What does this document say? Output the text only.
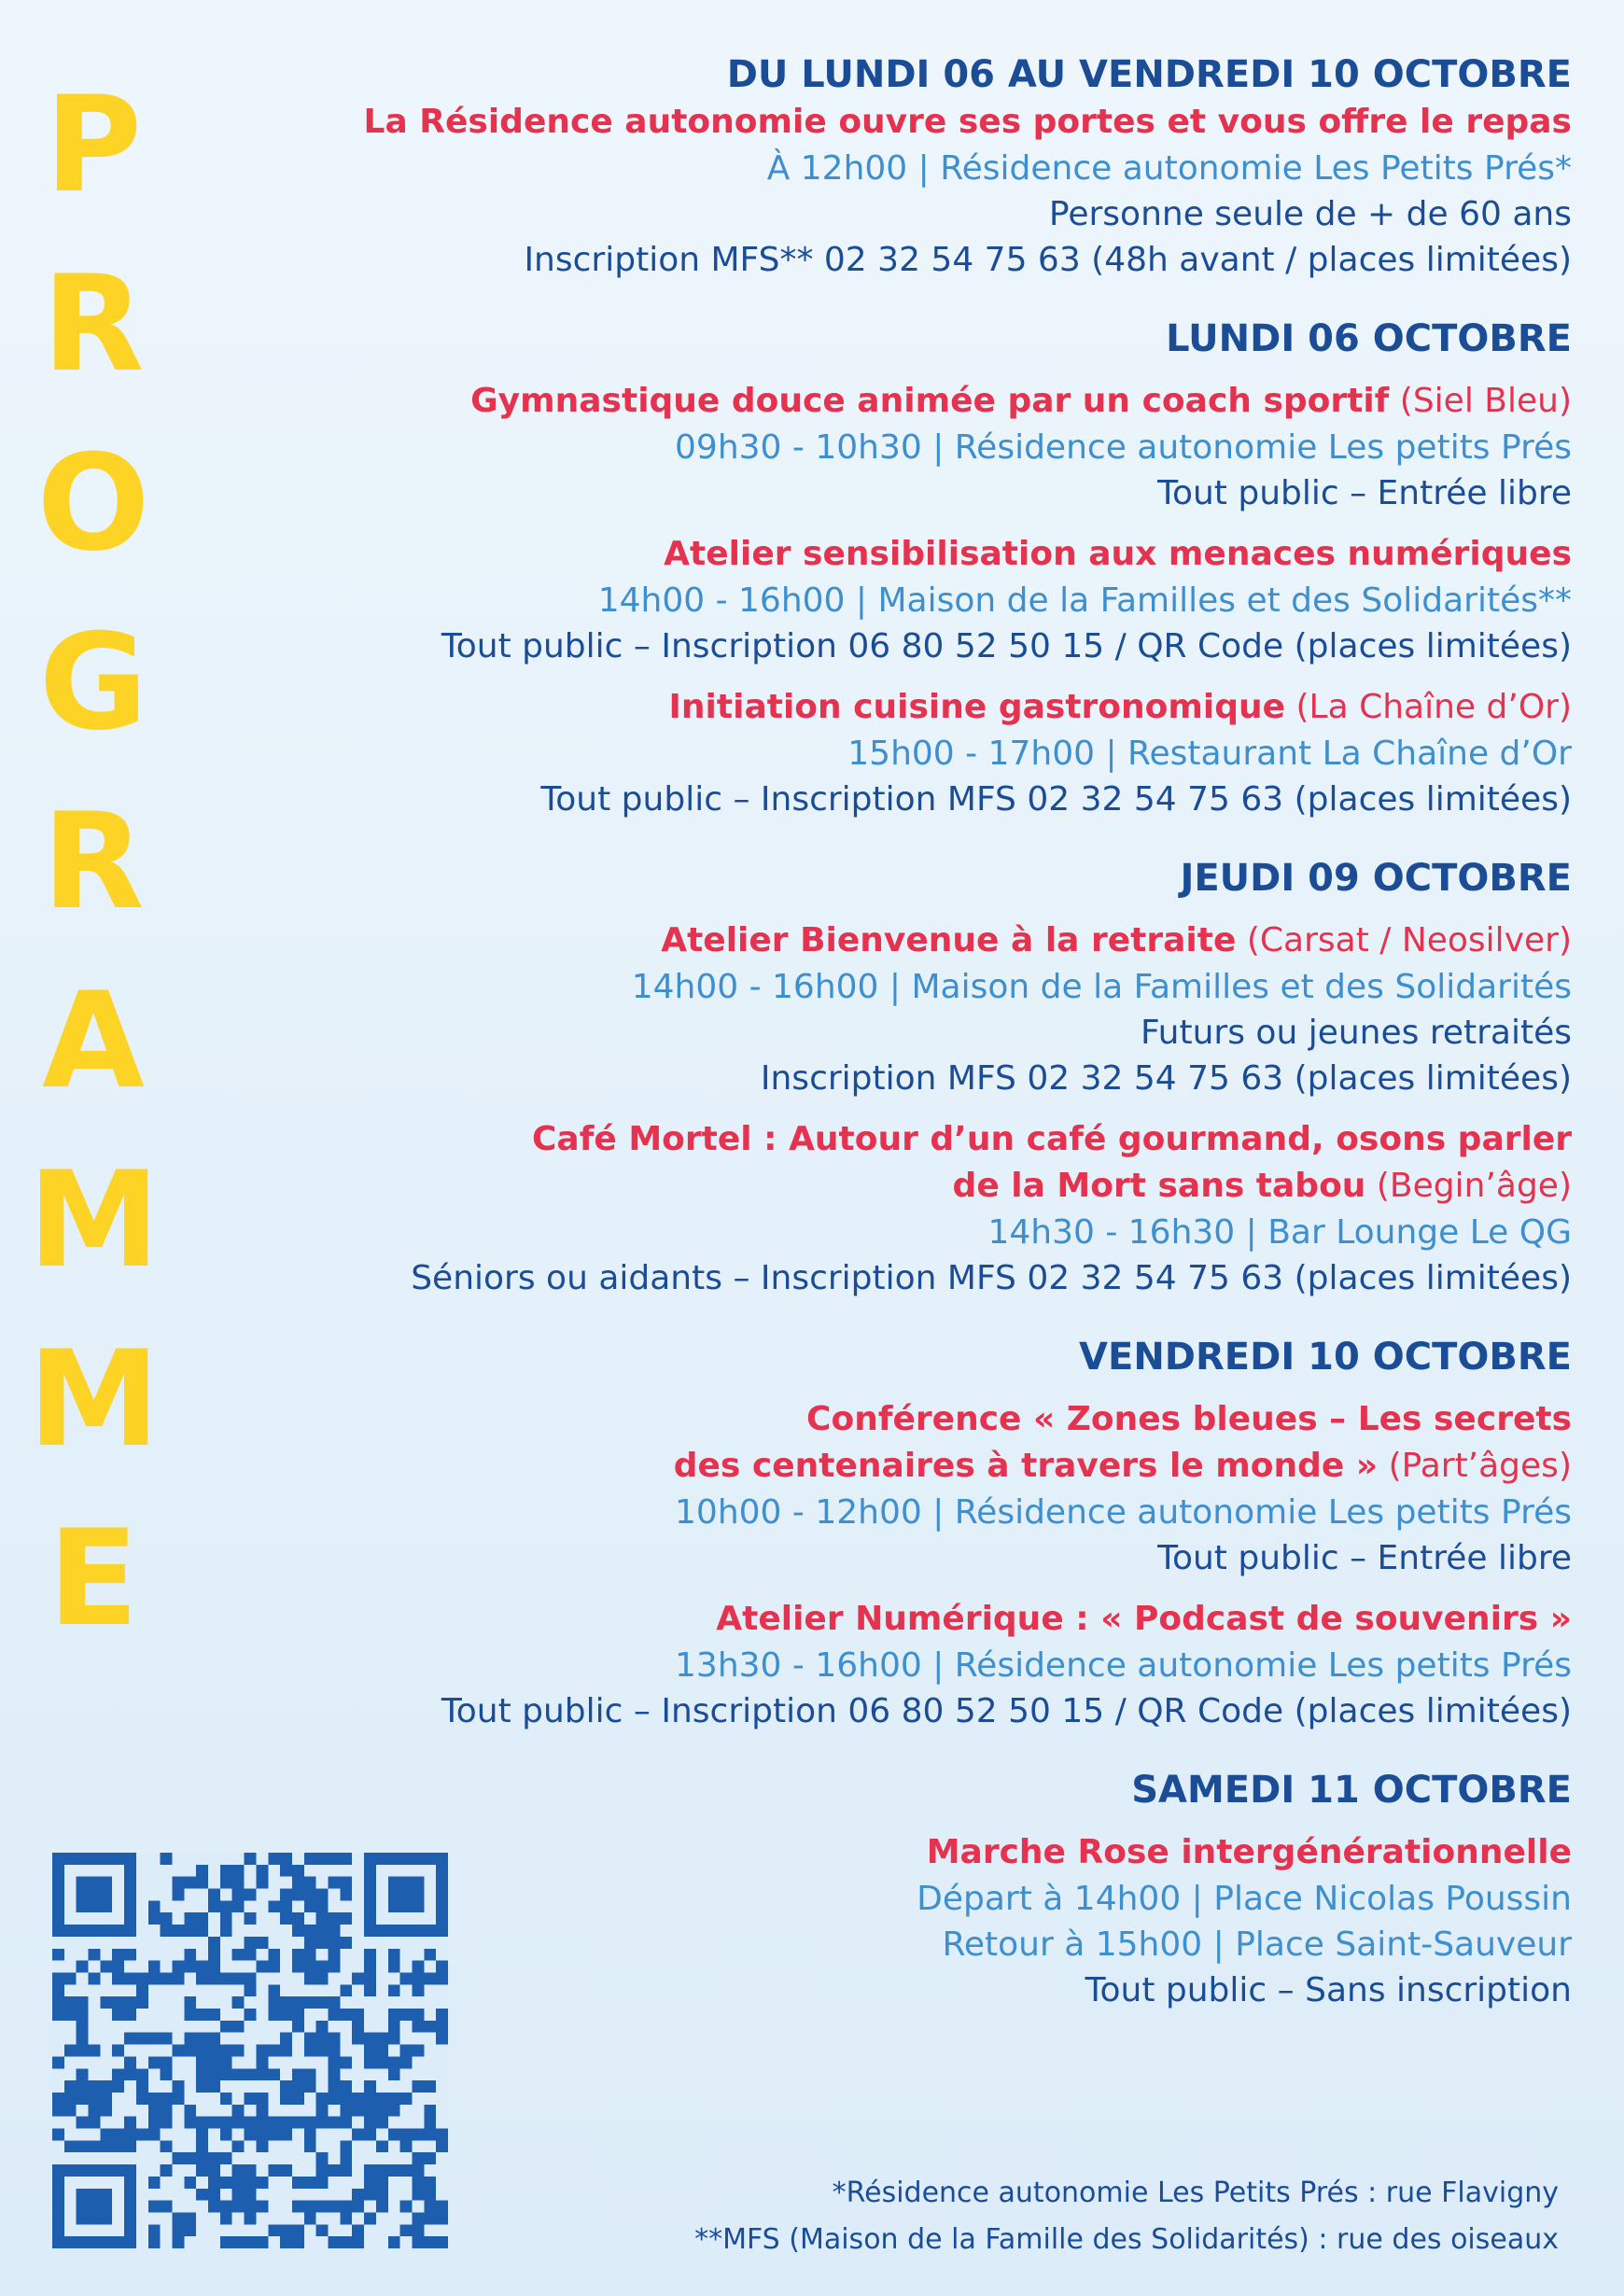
P
R
O
G
R
A
M
M
E
DU LUNDI 06 AU VENDREDI 10 OCTOBRE
La Résidence autonomie ouvre ses portes et vous offre le repas
À 12h00 | Résidence autonomie Les Petits Prés*
Personne seule de + de 60 ans
Inscription MFS** 02 32 54 75 63 (48h avant / places limitées)
LUNDI 06 OCTOBRE
Gymnastique douce animée par un coach sportif (Siel Bleu)
09h30 - 10h30 | Résidence autonomie Les petits Prés
Tout public – Entrée libre
Atelier sensibilisation aux menaces numériques
14h00 - 16h00 | Maison de la Familles et des Solidarités**
Tout public – Inscription 06 80 52 50 15 / QR Code (places limitées)
Initiation cuisine gastronomique (La Chaîne d’Or)
15h00 - 17h00 | Restaurant La Chaîne d’Or
Tout public – Inscription MFS 02 32 54 75 63 (places limitées)
JEUDI 09 OCTOBRE
Atelier Bienvenue à la retraite (Carsat / Neosilver)
14h00 - 16h00 | Maison de la Familles et des Solidarités
Futurs ou jeunes retraités
Inscription MFS 02 32 54 75 63 (places limitées)
Café Mortel : Autour d’un café gourmand, osons parler
de la Mort sans tabou (Begin’âge)
14h30 - 16h30 | Bar Lounge Le QG
Séniors ou aidants – Inscription MFS 02 32 54 75 63 (places limitées)
VENDREDI 10 OCTOBRE
Conférence « Zones bleues – Les secrets
des centenaires à travers le monde » (Part’âges)
10h00 - 12h00 | Résidence autonomie Les petits Prés
Tout public – Entrée libre
Atelier Numérique : « Podcast de souvenirs »
13h30 - 16h00 | Résidence autonomie Les petits Prés
Tout public – Inscription 06 80 52 50 15 / QR Code (places limitées)
SAMEDI 11 OCTOBRE
Marche Rose intergénérationnelle
Départ à 14h00 | Place Nicolas Poussin
Retour à 15h00 | Place Saint-Sauveur
Tout public – Sans inscription
*Résidence autonomie Les Petits Prés : rue Flavigny
**MFS (Maison de la Famille des Solidarités) : rue des oiseaux
